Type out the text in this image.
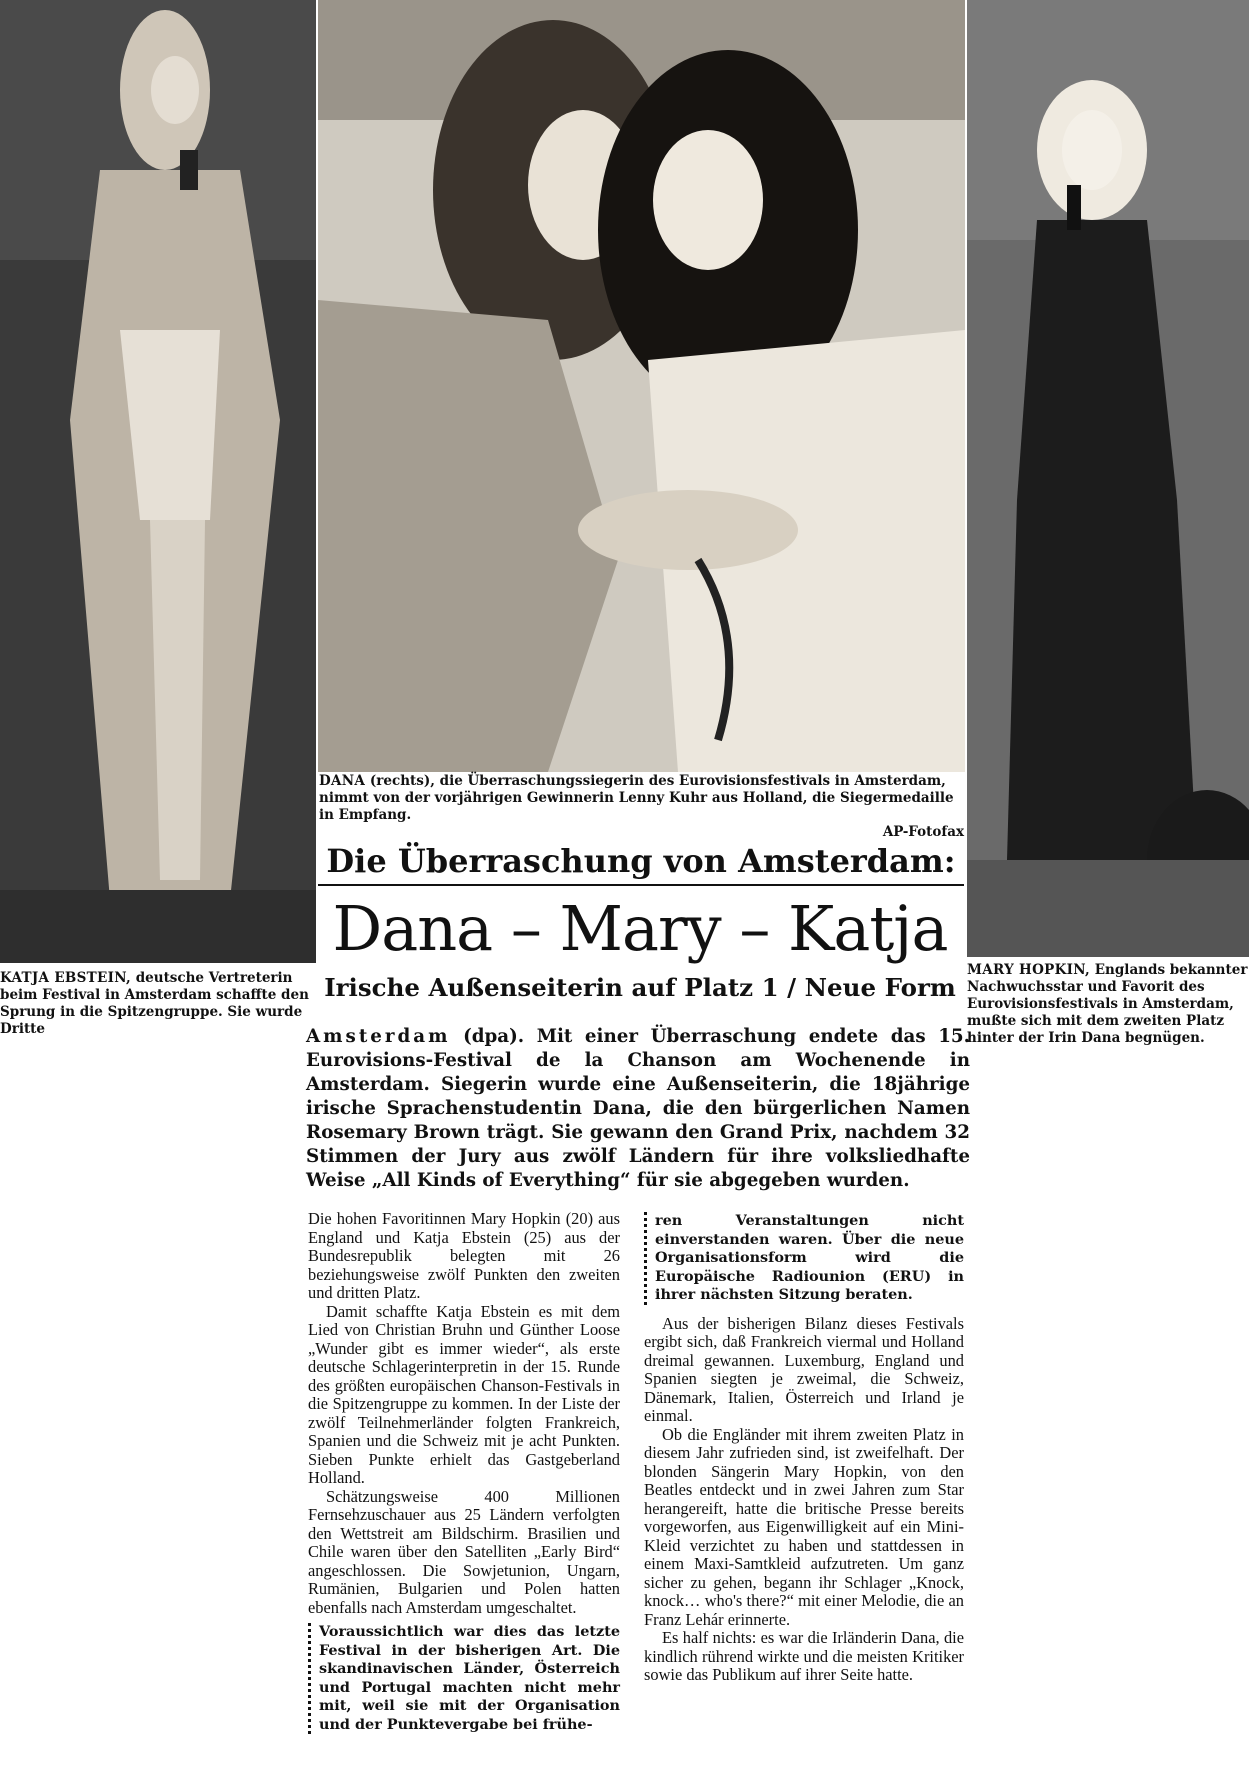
KATJA EBSTEIN, deutsche Vertreterin beim Festival in Amsterdam schaffte den Sprung in die Spitzengruppe. Sie wurde Dritte

DANA (rechts), die Überraschungssiegerin des Eurovisionsfestivals in Amsterdam, nimmt von der vorjährigen Gewinnerin Lenny Kuhr aus Holland, die Siegermedaille in Empfang.
AP-Fotofax

MARY HOPKIN, Englands bekannter Nachwuchsstar und Favorit des Eurovisionsfestivals in Amsterdam, mußte sich mit dem zweiten Platz hinter der Irin Dana begnügen.

Die Überraschung von Amsterdam:
Dana – Mary – Katja
Irische Außenseiterin auf Platz 1 / Neue Form

Amsterdam (dpa). Mit einer Überraschung endete das 15. Eurovisions-Festival de la Chanson am Wochenende in Amsterdam. Siegerin wurde eine Außenseiterin, die 18jährige irische Sprachenstudentin Dana, die den bürgerlichen Namen Rosemary Brown trägt. Sie gewann den Grand Prix, nachdem 32 Stimmen der Jury aus zwölf Ländern für ihre volksliedhafte Weise „All Kinds of Everything“ für sie abgegeben wurden.

Die hohen Favoritinnen Mary Hopkin (20) aus England und Katja Ebstein (25) aus der Bundesrepublik belegten mit 26 beziehungsweise zwölf Punkten den zweiten und dritten Platz.

Damit schaffte Katja Ebstein es mit dem Lied von Christian Bruhn und Günther Loose „Wunder gibt es immer wieder“, als erste deutsche Schlagerinterpretin in der 15. Runde des größten europäischen Chanson-Festivals in die Spitzengruppe zu kommen. In der Liste der zwölf Teilnehmerländer folgten Frankreich, Spanien und die Schweiz mit je acht Punkten. Sieben Punkte erhielt das Gastgeberland Holland.

Schätzungsweise 400 Millionen Fernsehzuschauer aus 25 Ländern verfolgten den Wettstreit am Bildschirm. Brasilien und Chile waren über den Satelliten „Early Bird“ angeschlossen. Die Sowjetunion, Ungarn, Rumänien, Bulgarien und Polen hatten ebenfalls nach Amsterdam umgeschaltet.

Voraussichtlich war dies das letzte Festival in der bisherigen Art. Die skandinavischen Länder, Österreich und Portugal machten nicht mehr mit, weil sie mit der Organisation und der Punktevergabe bei frühe-

ren Veranstaltungen nicht einverstanden waren. Über die neue Organisationsform wird die Europäische Radiounion (ERU) in ihrer nächsten Sitzung beraten.

Aus der bisherigen Bilanz dieses Festivals ergibt sich, daß Frankreich viermal und Holland dreimal gewannen. Luxemburg, England und Spanien siegten je zweimal, die Schweiz, Dänemark, Italien, Österreich und Irland je einmal.

Ob die Engländer mit ihrem zweiten Platz in diesem Jahr zufrieden sind, ist zweifelhaft. Der blonden Sängerin Mary Hopkin, von den Beatles entdeckt und in zwei Jahren zum Star herangereift, hatte die britische Presse bereits vorgeworfen, aus Eigenwilligkeit auf ein Mini-Kleid verzichtet zu haben und stattdessen in einem Maxi-Samtkleid aufzutreten. Um ganz sicher zu gehen, begann ihr Schlager „Knock, knock… who's there?“ mit einer Melodie, die an Franz Lehár erinnerte.

Es half nichts: es war die Irländerin Dana, die kindlich rührend wirkte und die meisten Kritiker sowie das Publikum auf ihrer Seite hatte.
